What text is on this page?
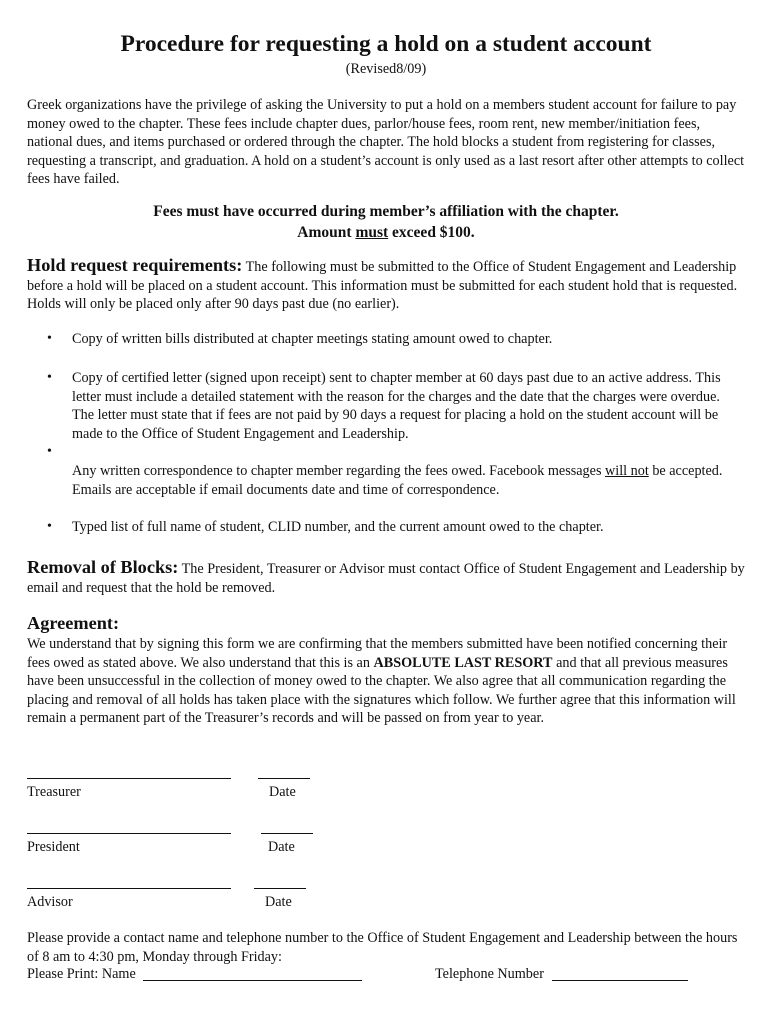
Procedure for requesting a hold on a student account
(Revised8/09)
Greek organizations have the privilege of asking the University to put a hold on a members student account for failure to pay money owed to the chapter. These fees include chapter dues, parlor/house fees, room rent, new member/initiation fees, national dues, and items purchased or ordered through the chapter. The hold blocks a student from registering for classes, requesting a transcript, and graduation. A hold on a student’s account is only used as a last resort after other attempts to collect fees have failed.
Fees must have occurred during member’s affiliation with the chapter.
Amount must exceed $100.
Hold request requirements: The following must be submitted to the Office of Student Engagement and Leadership before a hold will be placed on a student account. This information must be submitted for each student hold that is requested. Holds will only be placed only after 90 days past due (no earlier).
• Copy of written bills distributed at chapter meetings stating amount owed to chapter.
• Copy of certified letter (signed upon receipt) sent to chapter member at 60 days past due to an active address. This letter must include a detailed statement with the reason for the charges and the date that the charges were overdue. The letter must state that if fees are not paid by 90 days a request for placing a hold on the student account will be made to the Office of Student Engagement and Leadership.
•
Any written correspondence to chapter member regarding the fees owed. Facebook messages will not be accepted. Emails are acceptable if email documents date and time of correspondence.
• Typed list of full name of student, CLID number, and the current amount owed to the chapter.
Removal of Blocks: The President, Treasurer or Advisor must contact Office of Student Engagement and Leadership by email and request that the hold be removed.
Agreement:
We understand that by signing this form we are confirming that the members submitted have been notified concerning their fees owed as stated above. We also understand that this is an ABSOLUTE LAST RESORT and that all previous measures have been unsuccessful in the collection of money owed to the chapter. We also agree that all communication regarding the placing and removal of all holds has taken place with the signatures which follow. We further agree that this information will remain a permanent part of the Treasurer’s records and will be passed on from year to year.
Treasurer	Date
President	Date
Advisor	Date
Please provide a contact name and telephone number to the Office of Student Engagement and Leadership between the hours of 8 am to 4:30 pm, Monday through Friday:
Please Print: Name	Telephone Number
